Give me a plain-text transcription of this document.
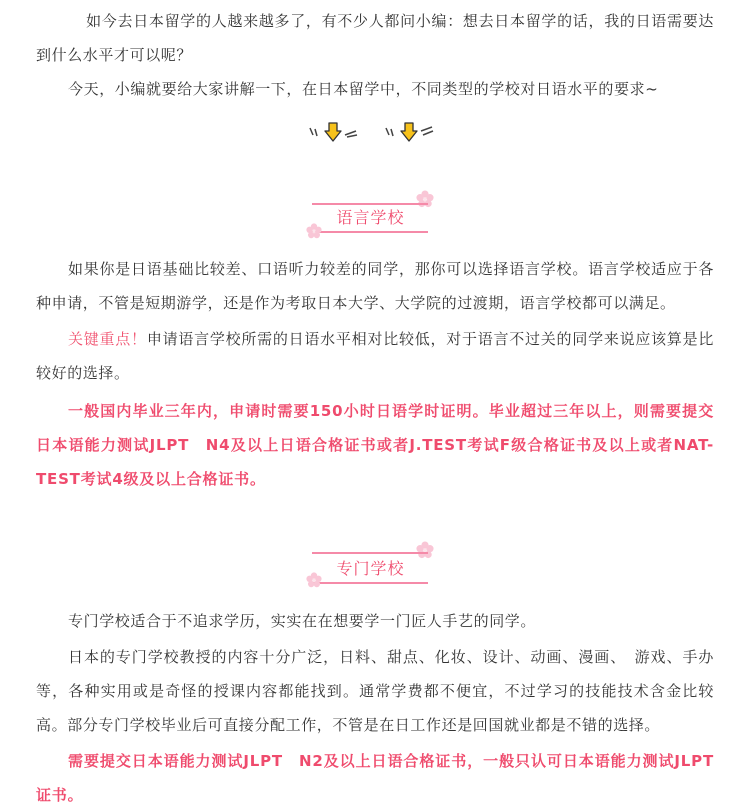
如今去日本留学的人越来越多了，有不少人都问小编：想去日本留学的话，我的日语需要达到什么水平才可以呢？

今天，小编就要给大家讲解一下，在日本留学中，不同类型的学校对日语水平的要求~

语言学校

如果你是日语基础比较差、口语听力较差的同学，那你可以选择语言学校。语言学校适应于各种申请，不管是短期游学，还是作为考取日本大学、大学院的过渡期，语言学校都可以满足。

关键重点！申请语言学校所需的日语水平相对比较低，对于语言不过关的同学来说应该算是比较好的选择。

一般国内毕业三年内，申请时需要150小时日语学时证明。毕业超过三年以上，则需要提交日本语能力测试JLPT　N4及以上日语合格证书或者J.TEST考试F级合格证书及以上或者NAT-TEST考试4级及以上合格证书。

专门学校

专门学校适合于不追求学历，实实在在想要学一门匠人手艺的同学。

日本的专门学校教授的内容十分广泛，日料、甜点、化妆、设计、动画、漫画、　游戏、手办等，各种实用或是奇怪的授课内容都能找到。通常学费都不便宜，不过学习的技能技术含金比较高。部分专门学校毕业后可直接分配工作，不管是在日工作还是回国就业都是不错的选择。

需要提交日本语能力测试JLPT　N2及以上日语合格证书，一般只认可日本语能力测试JLPT证书。
